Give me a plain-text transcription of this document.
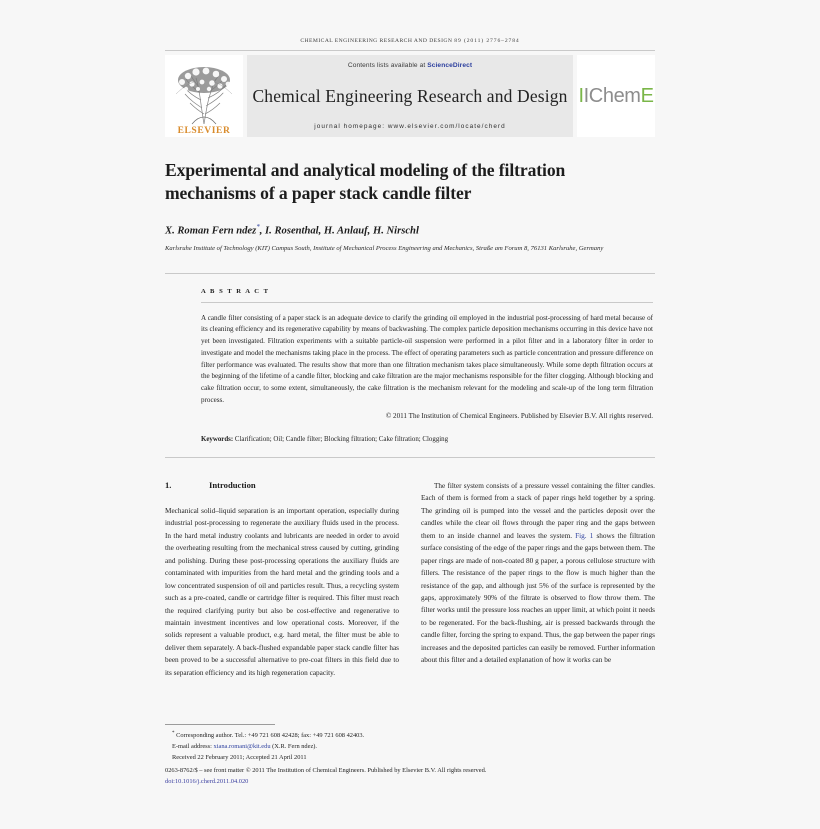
CHEMICAL ENGINEERING RESEARCH AND DESIGN 89 (2011) 2776–2784
ELSEVIER
Contents lists available at ScienceDirect
Chemical Engineering Research and Design
journal homepage: www.elsevier.com/locate/cherd
IIChemE
Experimental and analytical modeling of the filtration mechanisms of a paper stack candle filter
X. Roman Fern ndez*, I. Rosenthal, H. Anlauf, H. Nirschl
Karlsruhe Institute of Technology (KIT) Campus South, Institute of Mechanical Process Engineering and Mechanics, Straße am Forum 8, 76131 Karlsruhe, Germany
A B S T R A C T
A candle filter consisting of a paper stack is an adequate device to clarify the grinding oil employed in the industrial post-processing of hard metal because of its cleaning efficiency and its regenerative capability by means of backwashing. The complex particle deposition mechanisms occurring in this device have not yet been investigated. Filtration experiments with a suitable particle-oil suspension were performed in a pilot filter and in a laboratory filter in order to investigate and model the mechanisms taking place in the process. The effect of operating parameters such as particle concentration and pressure difference on filter performance was evaluated. The results show that more than one filtration mechanism takes place simultaneously. While some depth filtration occurs at the beginning of the lifetime of a candle filter, blocking and cake filtration are the major mechanisms responsible for the filter clogging. Although blocking and cake filtration occur, to some extent, simultaneously, the cake filtration is the mechanism relevant for the modeling and scale-up of the long term filtration process.
© 2011 The Institution of Chemical Engineers. Published by Elsevier B.V. All rights reserved.
Keywords: Clarification; Oil; Candle filter; Blocking filtration; Cake filtration; Clogging
1.	Introduction
Mechanical solid–liquid separation is an important operation, especially during industrial post-processing to regenerate the auxiliary fluids used in the process. In the hard metal industry coolants and lubricants are needed in order to avoid the overheating resulting from the mechanical stress caused by cutting, grinding and polishing. During these post-processing operations the auxiliary fluids are contaminated with impurities from the hard metal and the grinding tools and a low concentrated suspension of oil and particles result. Thus, a recycling system such as a pre-coated, candle or cartridge filter is required. This filter must reach the required clarifying purity but also be cost-effective and regenerative to maintain investment incentives and low operational costs. Moreover, if the solids represent a valuable product, e.g. hard metal, the filter must be able to deliver them separately. A back-flushed expandable paper stack candle filter has been proved to be a successful alternative to pre-coat filters in this field due to its separation efficiency and its high regeneration capacity.
The filter system consists of a pressure vessel containing the filter candles. Each of them is formed from a stack of paper rings held together by a spring. The grinding oil is pumped into the vessel and the particles deposit over the candles while the clear oil flows through the paper ring and the gaps between them to an inside channel and leaves the system. Fig. 1 shows the filtration surface consisting of the edge of the paper rings and the gaps between them. The paper rings are made of non-coated 80 g paper, a porous cellulose structure with fillers. The resistance of the paper rings to the flow is much higher than the resistance of the gap, and although just 5% of the surface is represented by the gaps, approximately 90% of the filtrate is observed to flow throw them. The filter works until the pressure loss reaches an upper limit, at which point it needs to be regenerated. For the back-flushing, air is pressed backwards through the candle filter, forcing the spring to expand. Thus, the gap between the paper rings increases and the deposited particles can easily be removed. Further information about this filter and a detailed explanation of how it works can be
* Corresponding author. Tel.: +49 721 608 42428; fax: +49 721 608 42403.
E-mail address: xiana.romani@kit.edu (X.R. Fern ndez).
Received 22 February 2011; Accepted 21 April 2011
0263-8762/$ – see front matter © 2011 The Institution of Chemical Engineers. Published by Elsevier B.V. All rights reserved.
doi:10.1016/j.cherd.2011.04.020
